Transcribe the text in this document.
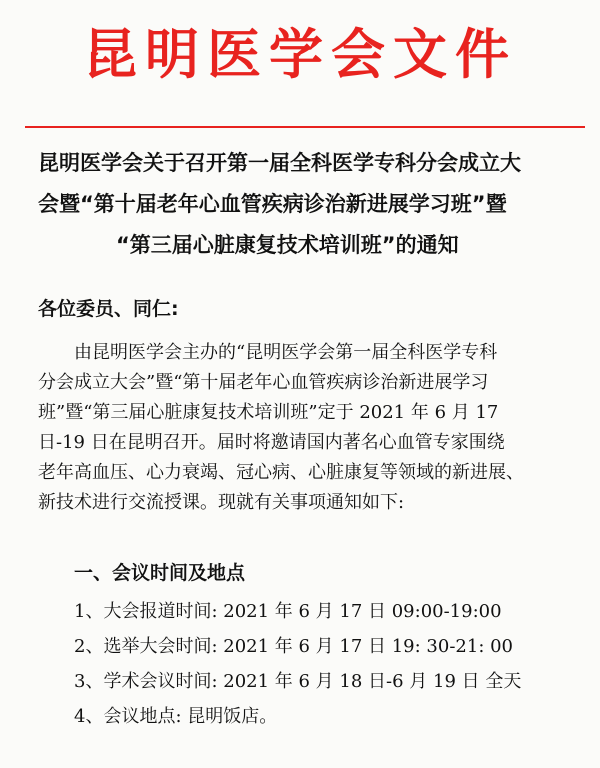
昆明医学会文件
昆明医学会关于召开第一届全科医学专科分会成立大
会暨“第十届老年心血管疾病诊治新进展学习班”暨
“第三届心脏康复技术培训班”的通知

各位委员、同仁:

由昆明医学会主办的“昆明医学会第一届全科医学专科
分会成立大会”暨“第十届老年心血管疾病诊治新进展学习
班”暨“第三届心脏康复技术培训班”定于 2021 年 6 月 17
日-19 日在昆明召开。届时将邀请国内著名心血管专家围绕
老年高血压、心力衰竭、冠心病、心脏康复等领域的新进展、
新技术进行交流授课。现就有关事项通知如下:

一、会议时间及地点
1、大会报道时间: 2021 年 6 月 17 日 09:00-19:00
2、选举大会时间: 2021 年 6 月 17 日 19: 30-21: 00
3、学术会议时间: 2021 年 6 月 18 日-6 月 19 日 全天
4、会议地点: 昆明饭店。
